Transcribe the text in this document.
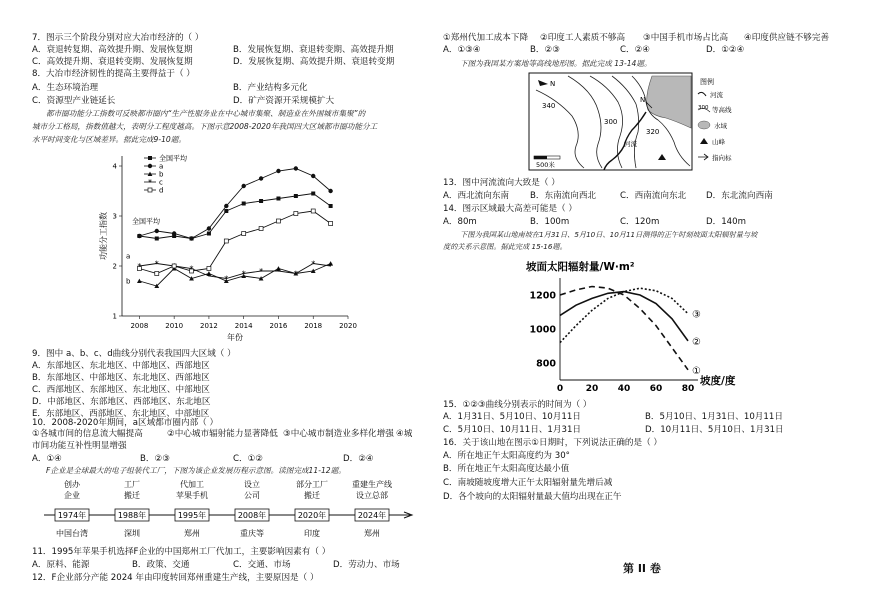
7．图示三个阶段分别对应大冶市经济的（ ）
A．衰退转复期、高效提升期、发展恢复期	B．发展恢复期、衰退转变期、高效提升期
C．高效提升期、衰退转变期、发展恢复期	D．发展恢复期、高效提升期、衰退转变期
8．大冶市经济韧性的提高主要得益于（ ）
A．生态环境治理	B．产业结构多元化
C．资源型产业链延长	D．矿产资源开采规模扩大
都市圈功能分工指数可反映都市圈内“生产性服务业在中心城市集聚、制造业在外围城市集聚”的
城市分工格局，指数值越大，表明分工程度越高。下图示意2008-2020年我国四大区域都市圈功能分工
水平时间变化与区域差异。据此完成9-10题。
2008 2010 2012 2014 2016 2018 2020
1
2
3
4
年份
功能分工指数
*
* *
* * * *
* *
全国平均
a
b
* c
d
全国平均
a
b
9．图中 a、b、c、d曲线分别代表我国四大区域（ ）
A．东部地区、东北地区、中部地区、西部地区
B．东部地区、中部地区、东北地区、西部地区
C．西部地区、东部地区、东北地区、中部地区
D．中部地区、东部地区、西部地区、东北地区
E．东部地区、西部地区、东北地区、中部地区
10．2008-2020年期间，a区域都市圈内部（ ）
①各城市间的信息流大幅提高	②中心城市辐射能力显著降低 ③中心城市制造业多样化增强 ④城
市间功能互补性明显增强
A．①④	B．②③	C．①②	D．②④
F企业是全球最大的电子组装代工厂，下图为该企业发展历程示意图。读图完成11-12题。
创办
企业
1974年
中国台湾
工厂
搬迁
1988年
深圳
代加工
苹果手机
1995年
郑州
设立
公司
2008年
重庆等
部分工厂
搬迁
2020年
印度
重建生产线
设立总部
2024年
郑州
11．1995年苹果手机选择F企业的中国郑州工厂代加工，主要影响因素有（ ）
A．原料、能源	B．政策、交通	C．交通、市场	D．劳动力、市场
12．F企业部分产能 2024 年由印度转回郑州重建生产线，主要原因是（ ）
①郑州代加工成本下降 ②印度工人素质不够高 ③中国手机市场占比高 ④印度供应链不够完善
A．①③④	B．②③	C．②④	D．①②④
下图为我国某方案地等高线地形图。据此完成 13-14题。
N
N
340
300
320
河流
500米
图例
河流
300 等高线
水域
山峰
指向标
13．图中河流流向大致是（ ）
A．西北流向东南 B．东南流向西北	C．西南流向东北 D．东北流向西南
14．图示区域最大高差可能是（ ）
A．80m	B．100m	C．120m	D．140m
下图为我国某山地南坡在1月31日、5月10日、10月11日测得的正午时刻坡面太阳辐射量与坡
度的关系示意图。据此完成 15-16题。
坡面太阳辐射量/W·m²
0	20 40 60 80
800
1000
1200
坡度/度
①
②
③
15．①②③曲线分别表示的时间为（ ）
A．1月31日、5月10日、10月11日	B．5月10日、1月31日、10月11日
C．5月10日、10月11日、1月31日	D．10月11日、5月10日、1月31日
16．关于该山地在图示①日期时，下列说法正确的是（ ）
A．所在地正午太阳高度约为 30°
B．所在地正午太阳高度达最小值
C．南坡随坡度增大正午太阳辐射量先增后减
D．各个坡向的太阳辐射量最大值均出现在正午
第 II 卷
